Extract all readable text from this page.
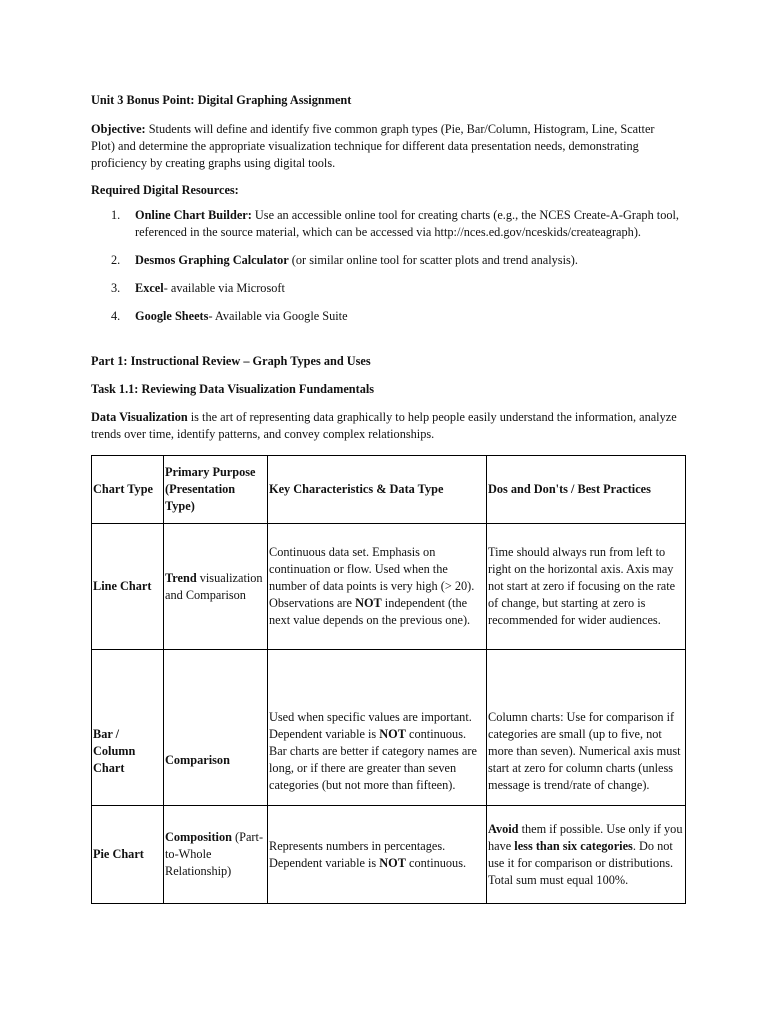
Unit 3 Bonus Point: Digital Graphing Assignment
Objective: Students will define and identify five common graph types (Pie, Bar/Column, Histogram, Line, Scatter Plot) and determine the appropriate visualization technique for different data presentation needs, demonstrating proficiency by creating graphs using digital tools.
Required Digital Resources:
1. Online Chart Builder: Use an accessible online tool for creating charts (e.g., the NCES Create-A-Graph tool, referenced in the source material, which can be accessed via http://nces.ed.gov/nceskids/createagraph).
2. Desmos Graphing Calculator (or similar online tool for scatter plots and trend analysis).
3. Excel- available via Microsoft
4. Google Sheets- Available via Google Suite
Part 1: Instructional Review – Graph Types and Uses
Task 1.1: Reviewing Data Visualization Fundamentals
Data Visualization is the art of representing data graphically to help people easily understand the information, analyze trends over time, identify patterns, and convey complex relationships.
Chart Type	Primary Purpose (Presentation Type)	Key Characteristics & Data Type	Dos and Don'ts / Best Practices
Line Chart	Trend visualization and Comparison	Continuous data set. Emphasis on continuation or flow. Used when the number of data points is very high (> 20). Observations are NOT independent (the next value depends on the previous one).	Time should always run from left to right on the horizontal axis. Axis may not start at zero if focusing on the rate of change, but starting at zero is recommended for wider audiences.
Bar / Column Chart	Comparison	Used when specific values are important. Dependent variable is NOT continuous. Bar charts are better if category names are long, or if there are greater than seven categories (but not more than fifteen).	Column charts: Use for comparison if categories are small (up to five, not more than seven). Numerical axis must start at zero for column charts (unless message is trend/rate of change).
Pie Chart	Composition (Part-to-Whole Relationship)	Represents numbers in percentages. Dependent variable is NOT continuous.	Avoid them if possible. Use only if you have less than six categories. Do not use it for comparison or distributions. Total sum must equal 100%.
